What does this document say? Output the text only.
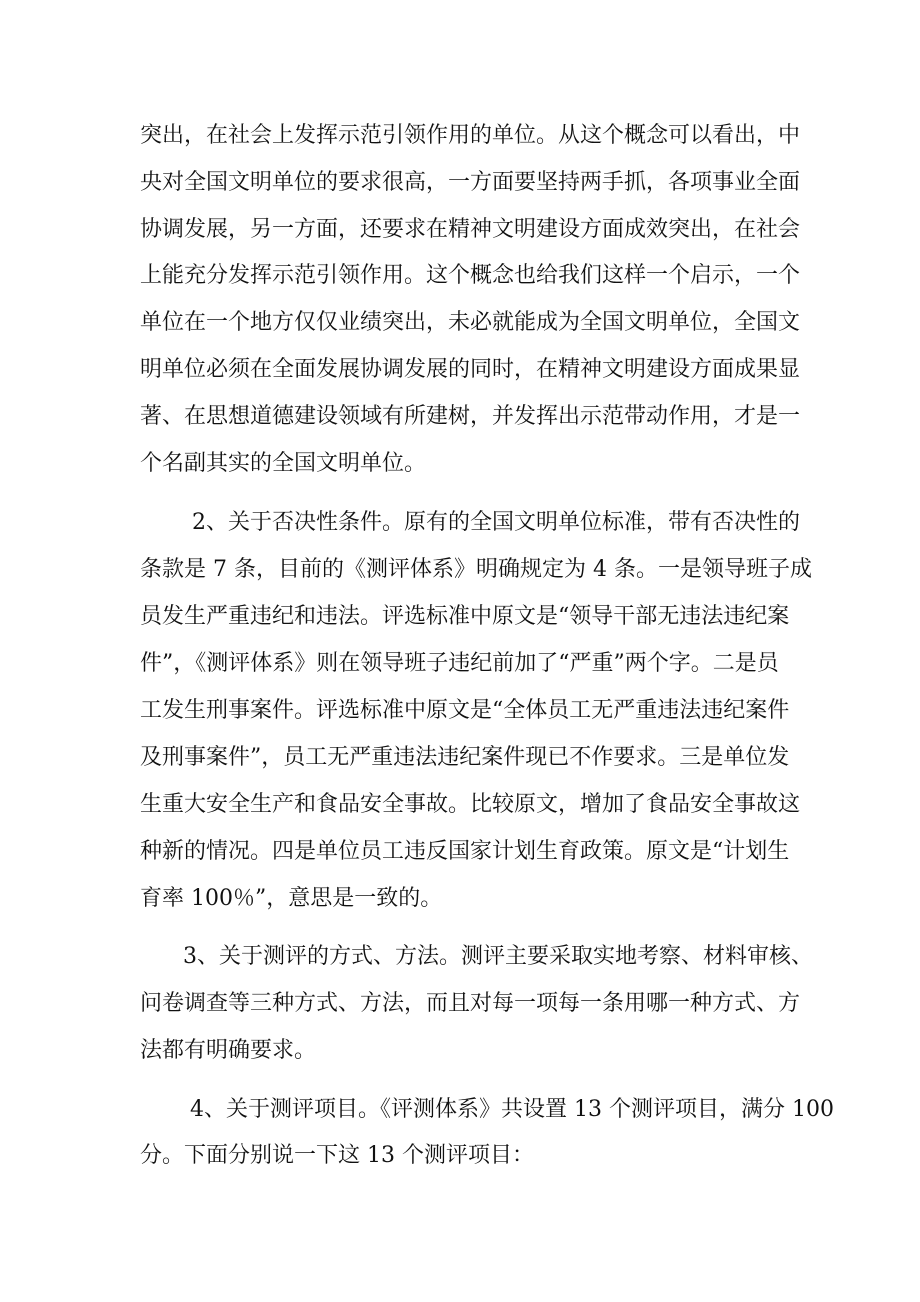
突出，在社会上发挥示范引领作用的单位。从这个概念可以看出，中
央对全国文明单位的要求很高，一方面要坚持两手抓，各项事业全面
协调发展，另一方面，还要求在精神文明建设方面成效突出，在社会
上能充分发挥示范引领作用。这个概念也给我们这样一个启示，一个
单位在一个地方仅仅业绩突出，未必就能成为全国文明单位，全国文
明单位必须在全面发展协调发展的同时，在精神文明建设方面成果显
著、在思想道德建设领域有所建树，并发挥出示范带动作用，才是一
个名副其实的全国文明单位。
2、关于否决性条件。原有的全国文明单位标准，带有否决性的
条款是 7 条，目前的《测评体系》明确规定为 4 条。一是领导班子成
员发生严重违纪和违法。评选标准中原文是“领导干部无违法违纪案
件”，《测评体系》则在领导班子违纪前加了“严重”两个字。二是员
工发生刑事案件。评选标准中原文是“全体员工无严重违法违纪案件
及刑事案件”，员工无严重违法违纪案件现已不作要求。三是单位发
生重大安全生产和食品安全事故。比较原文，增加了食品安全事故这
种新的情况。四是单位员工违反国家计划生育政策。原文是“计划生
育率 100％”，意思是一致的。
3、关于测评的方式、方法。测评主要采取实地考察、材料审核、
问卷调查等三种方式、方法，而且对每一项每一条用哪一种方式、方
法都有明确要求。
4、关于测评项目。《评测体系》共设置 13 个测评项目，满分 100
分。下面分别说一下这 13 个测评项目：
